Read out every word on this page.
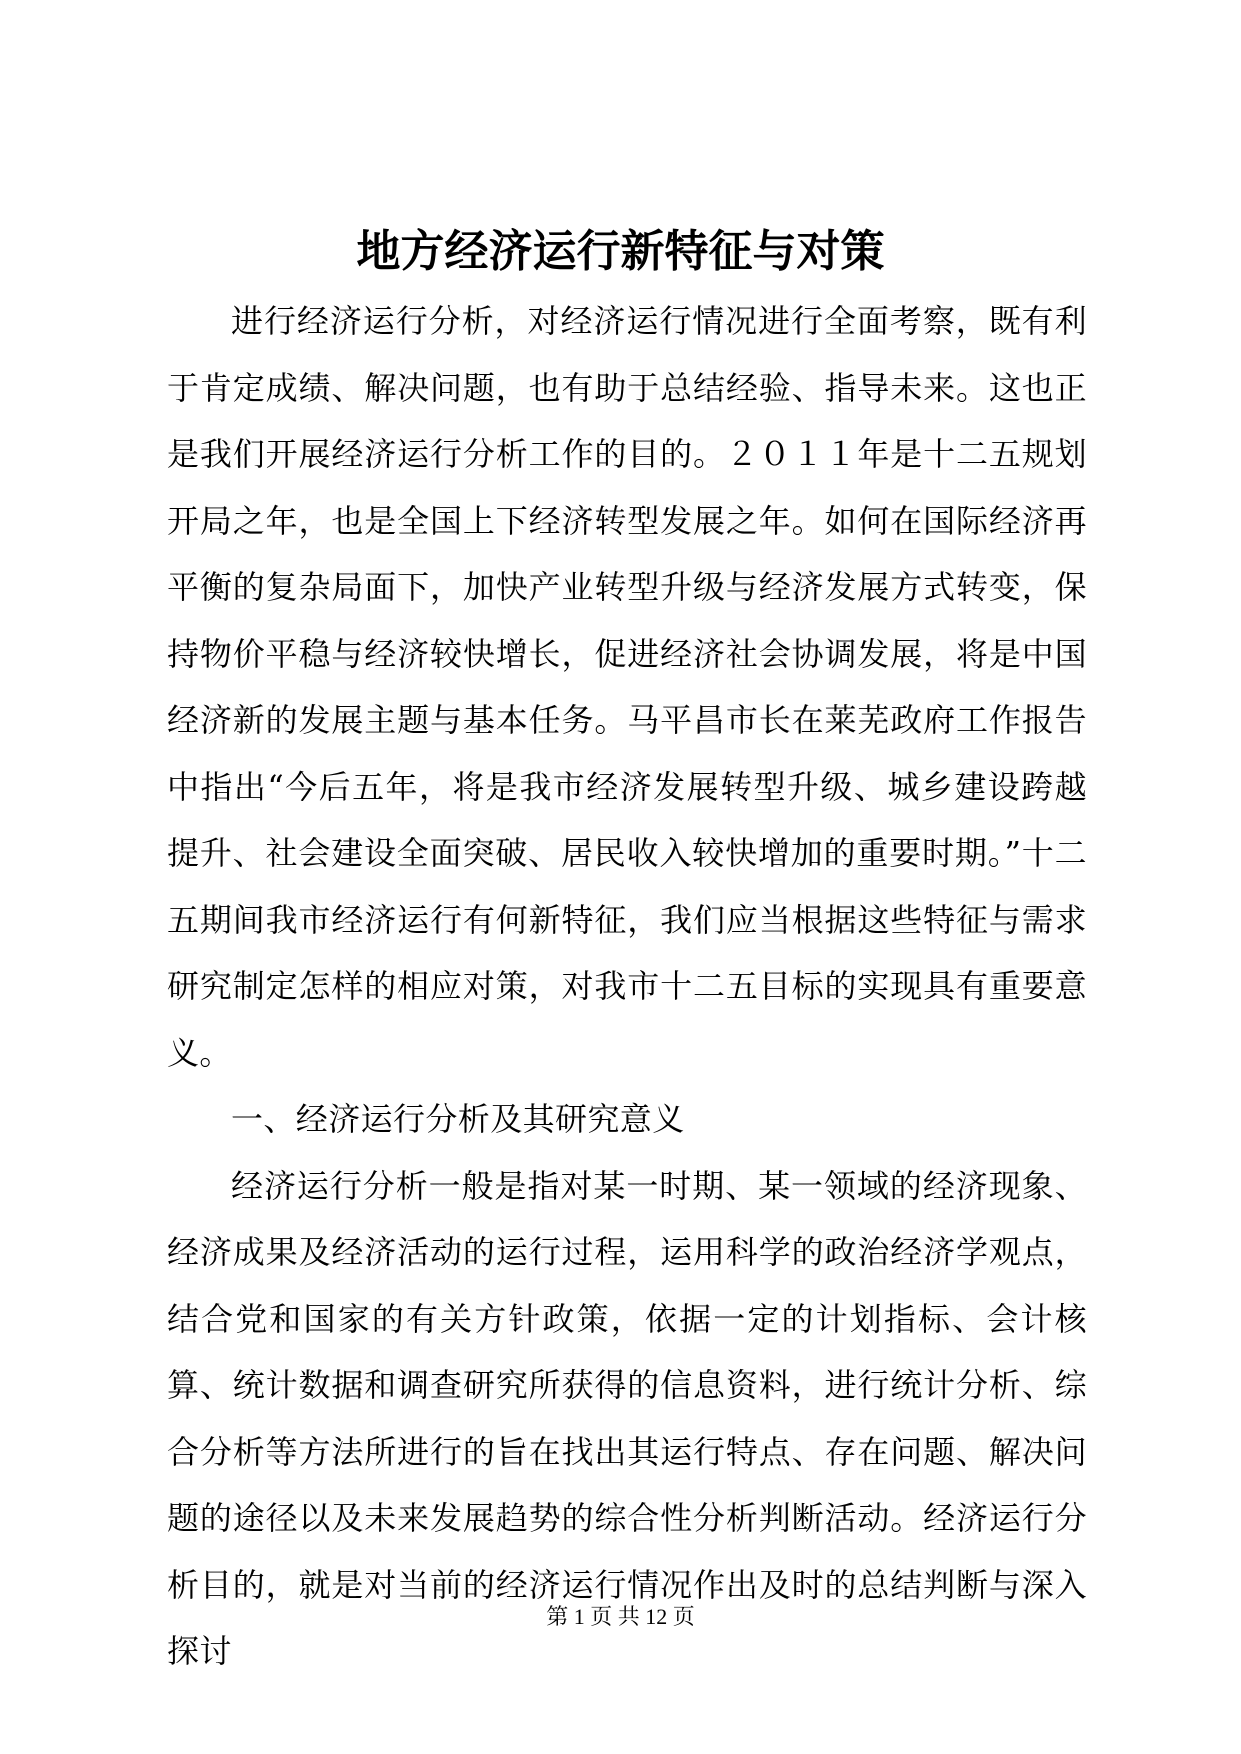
地方经济运行新特征与对策

进行经济运行分析，对经济运行情况进行全面考察，既有利于肯定成绩、解决问题，也有助于总结经验、指导未来。这也正是我们开展经济运行分析工作的目的。２０１１年是十二五规划开局之年，也是全国上下经济转型发展之年。如何在国际经济再平衡的复杂局面下，加快产业转型升级与经济发展方式转变，保持物价平稳与经济较快增长，促进经济社会协调发展，将是中国经济新的发展主题与基本任务。马平昌市长在莱芜政府工作报告中指出“今后五年，将是我市经济发展转型升级、城乡建设跨越提升、社会建设全面突破、居民收入较快增加的重要时期。”十二五期间我市经济运行有何新特征，我们应当根据这些特征与需求研究制定怎样的相应对策，对我市十二五目标的实现具有重要意义。

一、经济运行分析及其研究意义

经济运行分析一般是指对某一时期、某一领域的经济现象、经济成果及经济活动的运行过程，运用科学的政治经济学观点，结合党和国家的有关方针政策，依据一定的计划指标、会计核算、统计数据和调查研究所获得的信息资料，进行统计分析、综合分析等方法所进行的旨在找出其运行特点、存在问题、解决问题的途径以及未来发展趋势的综合性分析判断活动。经济运行分析目的，就是对当前的经济运行情况作出及时的总结判断与深入探讨

第 1 页 共 12 页
